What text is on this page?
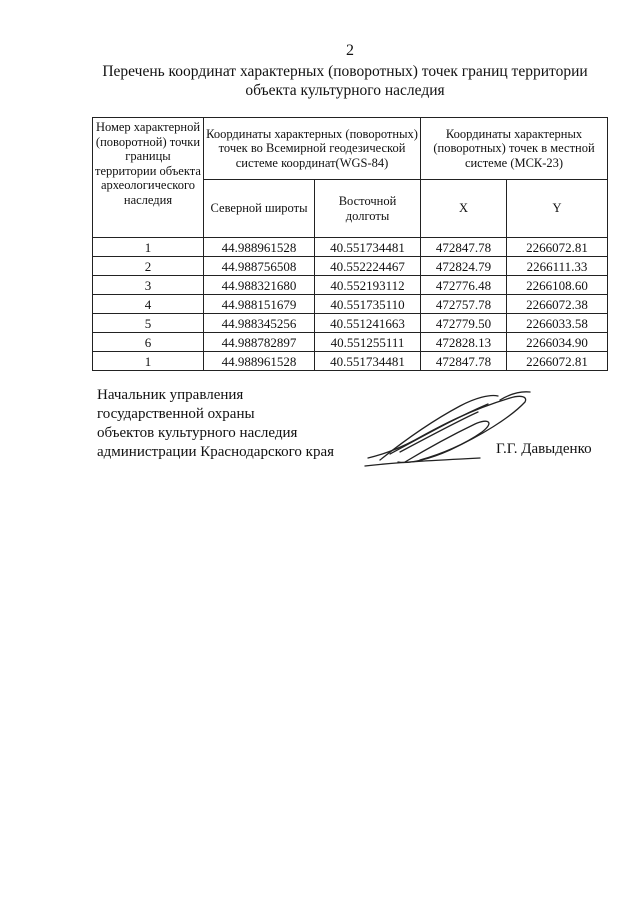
2
Перечень координат характерных (поворотных) точек границ территории
объекта культурного наследия
Номер характерной (поворотной) точки границы территории объекта археологического наследия	Координаты характерных (поворотных) точек во Всемирной геодезической системе координат(WGS-84)		Координаты характерных (поворотных) точек в местной системе (МСК-23)	
	Северной широты	Восточной долготы	X	Y
1	44.988961528	40.551734481	472847.78	2266072.81
2	44.988756508	40.552224467	472824.79	2266111.33
3	44.988321680	40.552193112	472776.48	2266108.60
4	44.988151679	40.551735110	472757.78	2266072.38
5	44.988345256	40.551241663	472779.50	2266033.58
6	44.988782897	40.551255111	472828.13	2266034.90
1	44.988961528	40.551734481	472847.78	2266072.81
Начальник управления
государственной охраны
объектов культурного наследия
администрации Краснодарского края	Г.Г. Давыденко
